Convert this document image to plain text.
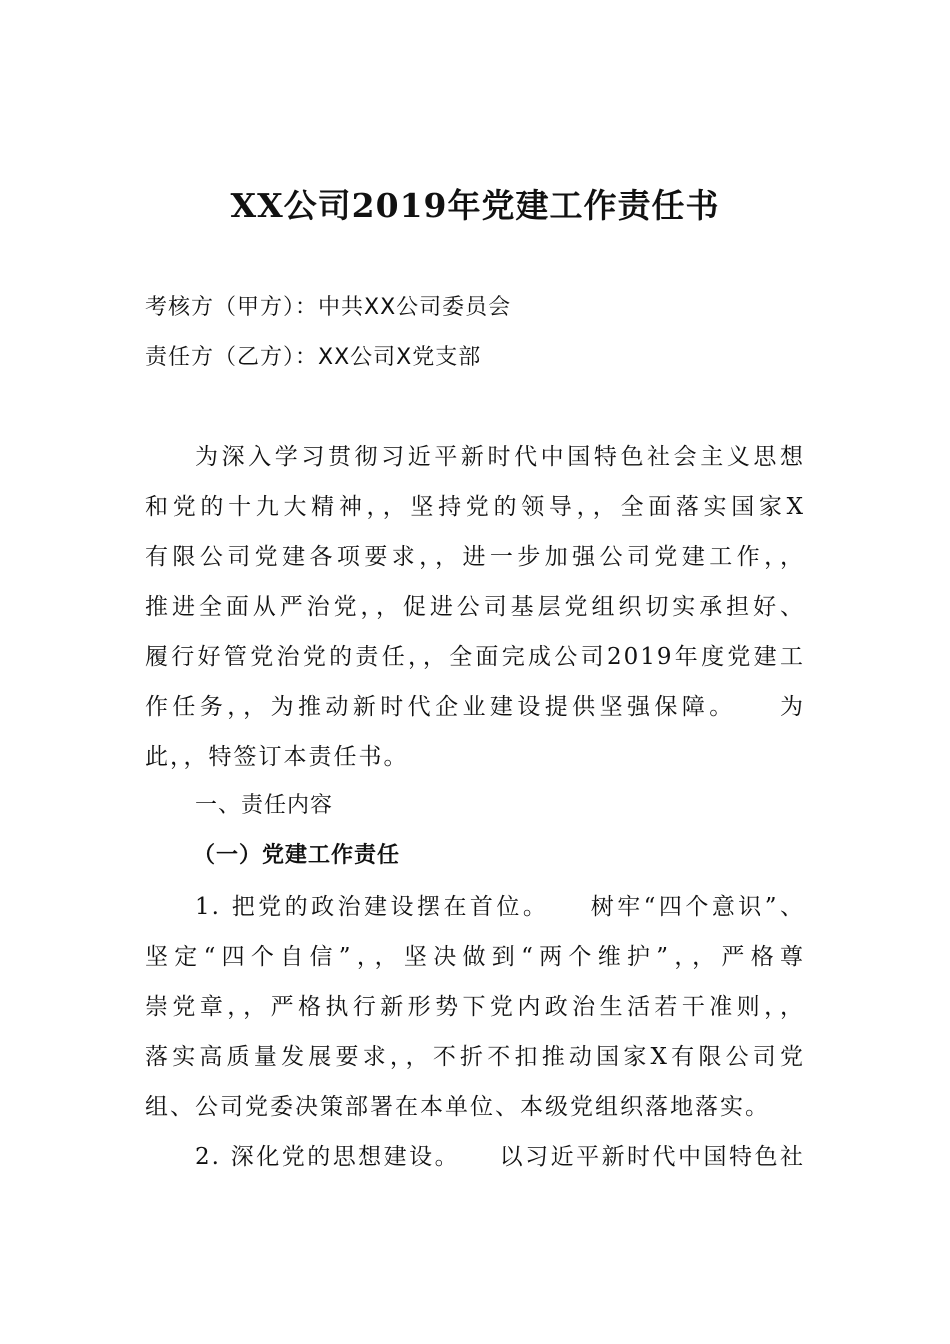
XX公司2019年党建工作责任书
考核方（甲方）：中共XX公司委员会
责任方（乙方）：XX公司X党支部
为深入学习贯彻习近平新时代中国特色社会主义思想
和党的十九大精神，，坚持党的领导，，全面落实国家X
有限公司党建各项要求，，进一步加强公司党建工作，，
推进全面从严治党，，促进公司基层党组织切实承担好、
履行好管党治党的责任，，全面完成公司2019年度党建工
作任务，，为推动新时代企业建设提供坚强保障。　　为
此，，特签订本责任书。
一、责任内容
（一）党建工作责任
1. 把党的政治建设摆在首位。　　树牢“四个意识”、
坚定“四个自信”，，坚决做到“两个维护”，，严格尊
崇党章，，严格执行新形势下党内政治生活若干准则，，
落实高质量发展要求，，不折不扣推动国家X有限公司党
组、公司党委决策部署在本单位、本级党组织落地落实。
2. 深化党的思想建设。　　以习近平新时代中国特色社
